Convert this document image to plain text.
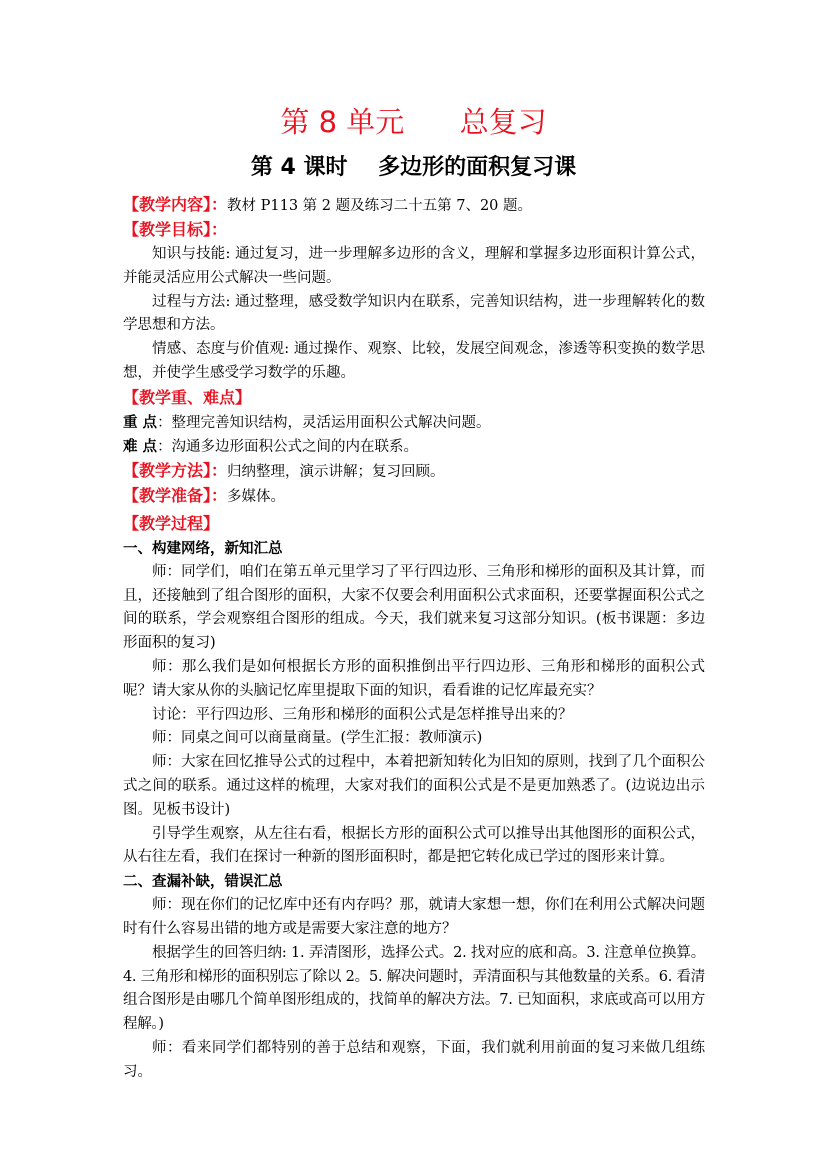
第 8 单元      总复习
第 4 课时    多边形的面积复习课
【教学内容】：教材 P113 第 2 题及练习二十五第 7、20 题。
【教学目标】：

知识与技能: 通过复习，进一步理解多边形的含义，理解和掌握多边形面积计算公式，并能灵活应用公式解决一些问题。

过程与方法: 通过整理，感受数学知识内在联系，完善知识结构，进一步理解转化的数学思想和方法。

情感、态度与价值观: 通过操作、观察、比较，发展空间观念，渗透等积变换的数学思想，并使学生感受学习数学的乐趣。

【教学重、难点】
重 点：整理完善知识结构，灵活运用面积公式解决问题。
难 点：沟通多边形面积公式之间的内在联系。
【教学方法】：归纳整理，演示讲解；复习回顾。
【教学准备】：多媒体。
【教学过程】
一、构建网络，新知汇总

师：同学们，咱们在第五单元里学习了平行四边形、三角形和梯形的面积及其计算，而且，还接触到了组合图形的面积，大家不仅要会利用面积公式求面积，还要掌握面积公式之间的联系，学会观察组合图形的组成。今天，我们就来复习这部分知识。(板书课题：多边形面积的复习)

师：那么我们是如何根据长方形的面积推倒出平行四边形、三角形和梯形的面积公式呢？请大家从你的头脑记忆库里提取下面的知识，看看谁的记忆库最充实？

讨论：平行四边形、三角形和梯形的面积公式是怎样推导出来的？

师：同桌之间可以商量商量。(学生汇报：教师演示)

师：大家在回忆推导公式的过程中，本着把新知转化为旧知的原则，找到了几个面积公式之间的联系。通过这样的梳理，大家对我们的面积公式是不是更加熟悉了。(边说边出示图。见板书设计)

引导学生观察，从左往右看，根据长方形的面积公式可以推导出其他图形的面积公式，从右往左看，我们在探讨一种新的图形面积时，都是把它转化成已学过的图形来计算。

二、查漏补缺，错误汇总

师：现在你们的记忆库中还有内存吗？那，就请大家想一想，你们在利用公式解决问题时有什么容易出错的地方或是需要大家注意的地方？

根据学生的回答归纳: 1. 弄清图形，选择公式。2. 找对应的底和高。3. 注意单位换算。4. 三角形和梯形的面积别忘了除以 2。5. 解决问题时，弄清面积与其他数量的关系。6. 看清组合图形是由哪几个简单图形组成的，找简单的解决方法。7. 已知面积，求底或高可以用方程解。)

师：看来同学们都特别的善于总结和观察，下面，我们就利用前面的复习来做几组练习。
